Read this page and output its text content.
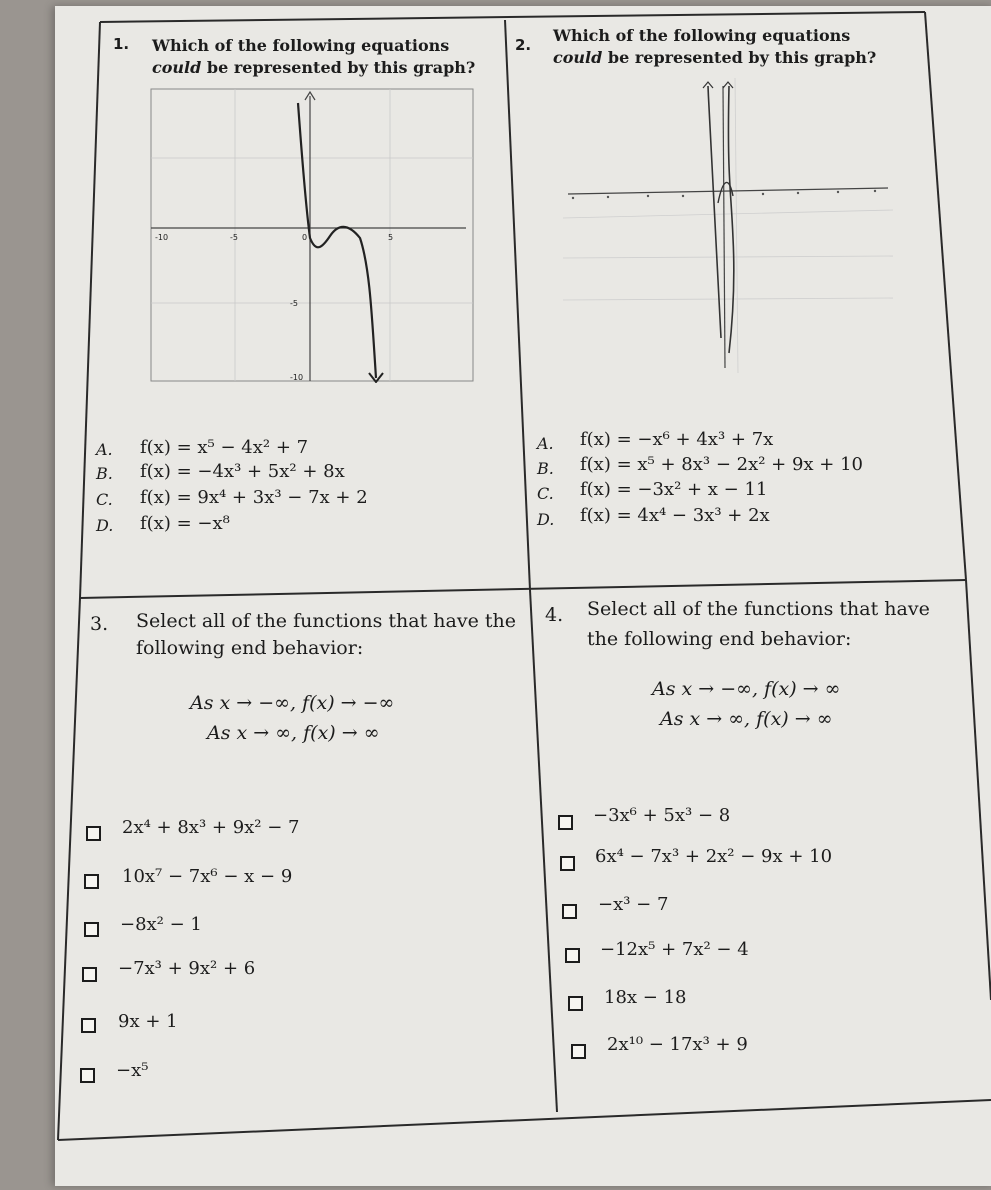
1. Which of the following equations could be represented by this graph?
-10	-5	0	5
-5
-10
A. f(x) = x⁵ − 4x² + 7
B. f(x) = −4x³ + 5x² + 8x
C. f(x) = 9x⁴ + 3x³ − 7x + 2
D. f(x) = −x⁸
2. Which of the following equations could be represented by this graph?
A. f(x) = −x⁶ + 4x³ + 7x
B. f(x) = x⁵ + 8x³ − 2x² + 9x + 10
C. f(x) = −3x² + x − 11
D. f(x) = 4x⁴ − 3x³ + 2x
3. Select all of the functions that have the following end behavior:
As x → −∞, f(x) → −∞
As x → ∞, f(x) → ∞
2x⁴ + 8x³ + 9x² − 7
10x⁷ − 7x⁶ − x − 9
−8x² − 1
−7x³ + 9x² + 6
9x + 1
−x⁵
4. Select all of the functions that have the following end behavior:
As x → −∞, f(x) → ∞
As x → ∞, f(x) → ∞
−3x⁶ + 5x³ − 8
6x⁴ − 7x³ + 2x² − 9x + 10
−x³ − 7
−12x⁵ + 7x² − 4
18x − 18
2x¹⁰ − 17x³ + 9
